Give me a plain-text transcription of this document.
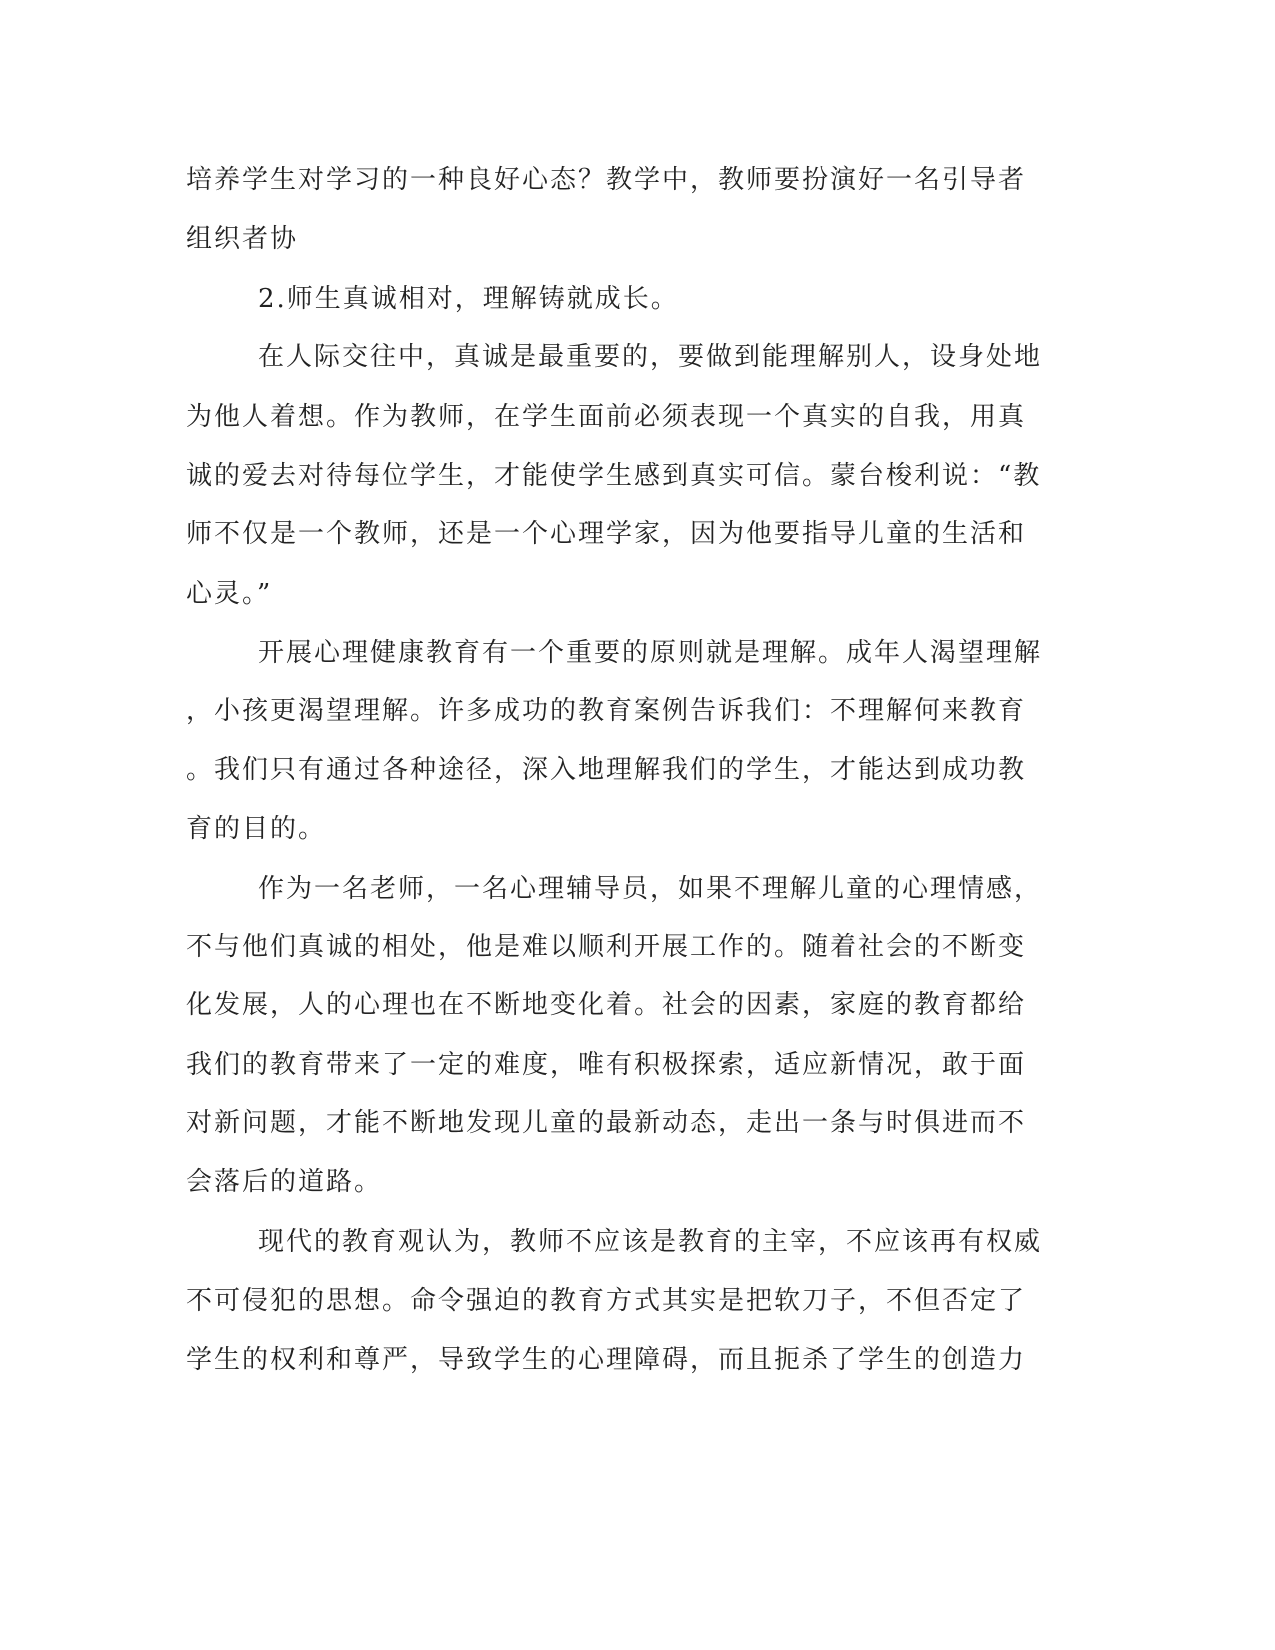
培养学生对学习的一种良好心态？教学中，教师要扮演好一名引导者

组织者协

2.师生真诚相对，理解铸就成长。

在人际交往中，真诚是最重要的，要做到能理解别人，设身处地

为他人着想。作为教师，在学生面前必须表现一个真实的自我，用真

诚的爱去对待每位学生，才能使学生感到真实可信。蒙台梭利说：“教

师不仅是一个教师，还是一个心理学家，因为他要指导儿童的生活和

心灵。”

开展心理健康教育有一个重要的原则就是理解。成年人渴望理解

，小孩更渴望理解。许多成功的教育案例告诉我们：不理解何来教育

。我们只有通过各种途径，深入地理解我们的学生，才能达到成功教

育的目的。

作为一名老师，一名心理辅导员，如果不理解儿童的心理情感，

不与他们真诚的相处，他是难以顺利开展工作的。随着社会的不断变

化发展，人的心理也在不断地变化着。社会的因素，家庭的教育都给

我们的教育带来了一定的难度，唯有积极探索，适应新情况，敢于面

对新问题，才能不断地发现儿童的最新动态，走出一条与时俱进而不

会落后的道路。

现代的教育观认为，教师不应该是教育的主宰，不应该再有权威

不可侵犯的思想。命令强迫的教育方式其实是把软刀子，不但否定了

学生的权利和尊严，导致学生的心理障碍，而且扼杀了学生的创造力
